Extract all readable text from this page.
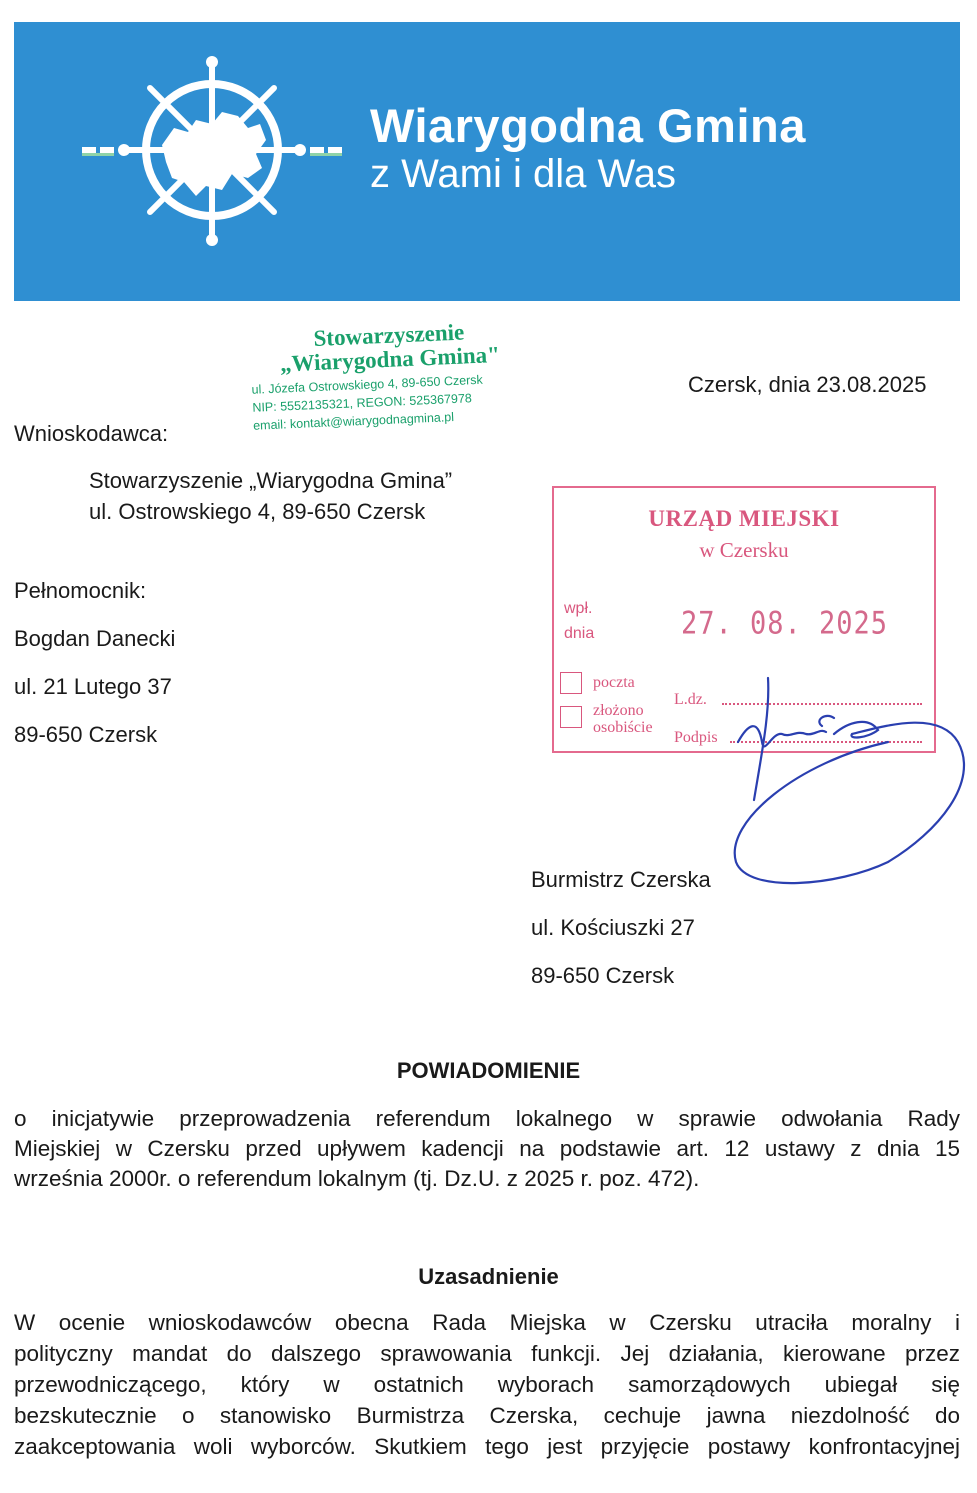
Wiarygodna Gmina
z Wami i dla Was
Stowarzyszenie
„Wiarygodna Gmina"
ul. Józefa Ostrowskiego 4, 89-650 Czersk
NIP: 5552135321, REGON: 525367978
email: kontakt@wiarygodnagmina.pl
Czersk, dnia 23.08.2025
Wnioskodawca:
Stowarzyszenie „Wiarygodna Gmina”
ul. Ostrowskiego 4, 89-650 Czersk
Pełnomocnik:
Bogdan Danecki
ul. 21 Lutego 37
89-650 Czersk
URZĄD MIEJSKI
w Czersku
wpł.
dnia	27. 08. 2025
poczta
złożono
osobiście
L.dz.
Podpis
Burmistrz Czerska
ul. Kościuszki 27
89-650 Czersk
POWIADOMIENIE
o inicjatywie przeprowadzenia referendum lokalnego w sprawie odwołania Rady
Miejskiej w Czersku przed upływem kadencji na podstawie art. 12 ustawy z dnia 15
września 2000r. o referendum lokalnym (tj. Dz.U. z 2025 r. poz. 472).
Uzasadnienie
W ocenie wnioskodawców obecna Rada Miejska w Czersku utraciła moralny i
polityczny mandat do dalszego sprawowania funkcji. Jej działania, kierowane przez
przewodniczącego, który w ostatnich wyborach samorządowych ubiegał się
bezskutecznie o stanowisko Burmistrza Czerska, cechuje jawna niezdolność do
zaakceptowania woli wyborców. Skutkiem tego jest przyjęcie postawy konfrontacyjnej
